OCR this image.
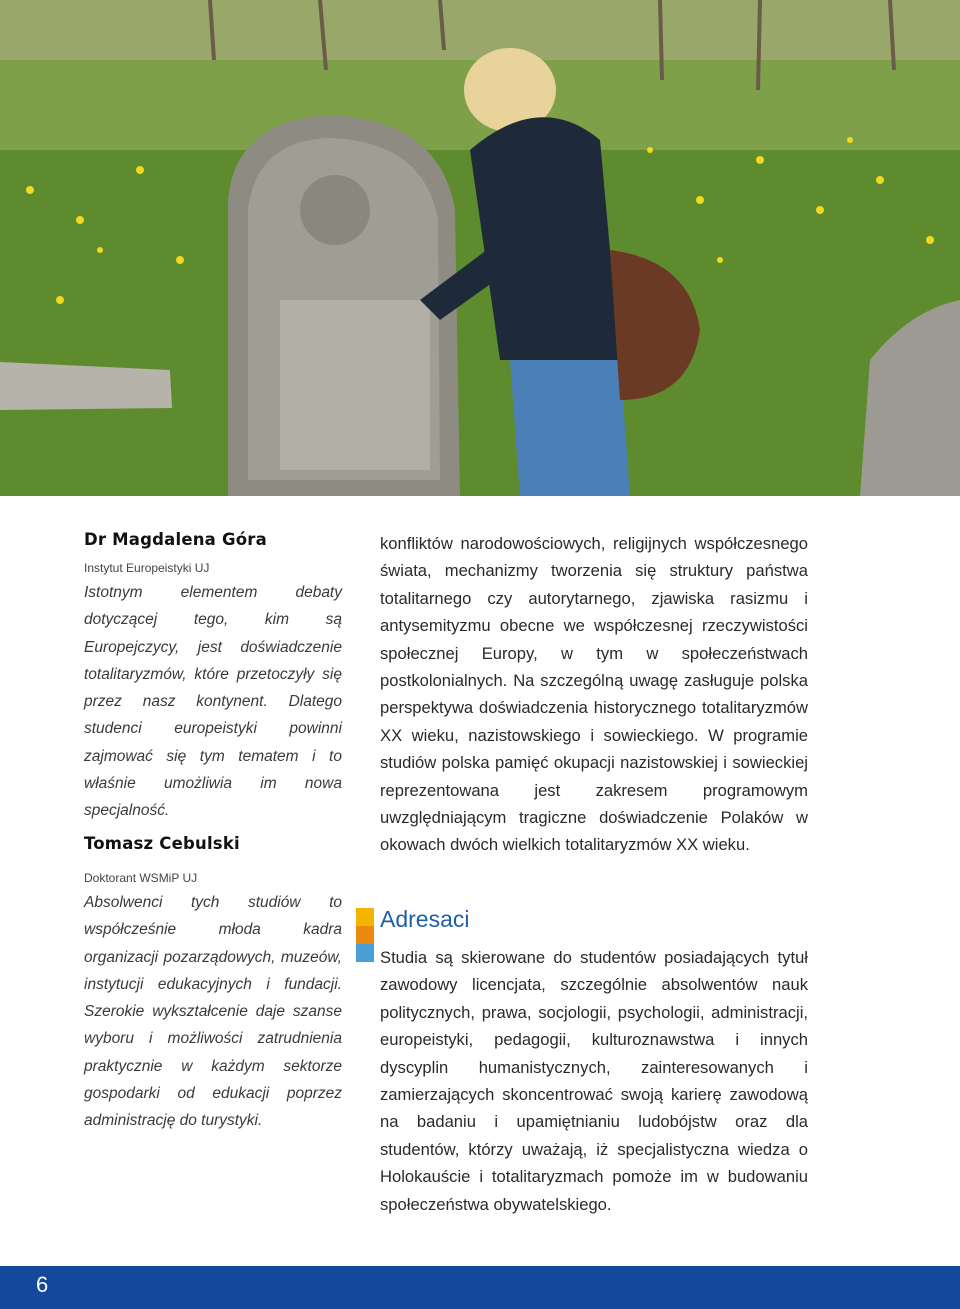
Dr Magdalena Góra
Instytut Europeistyki UJ

Istotnym elementem debaty dotyczącej tego, kim są Europejczycy, jest doświadczenie totalitaryzmów, które przetoczyły się przez nasz kontynent. Dlatego studenci europeistyki powinni zajmować się tym tematem i to właśnie umożliwia im nowa specjalność.

Tomasz Cebulski
Doktorant WSMiP UJ

Absolwenci tych studiów to współcześnie młoda kadra organizacji pozarządowych, muzeów, instytucji edukacyjnych i fundacji. Szerokie wykształcenie daje szanse wyboru i możliwości zatrudnienia praktycznie w każdym sektorze gospodarki od edukacji poprzez administrację do turystyki.

konfliktów narodowościowych, religijnych współczesnego świata, mechanizmy tworzenia się struktury państwa totalitarnego czy autorytarnego, zjawiska rasizmu i antysemityzmu obecne we współczesnej rzeczywistości społecznej Europy, w tym w społeczeństwach postkolonialnych. Na szczególną uwagę zasługuje polska perspektywa doświadczenia historycznego totalitaryzmów XX wieku, nazistowskiego i sowieckiego. W programie studiów polska pamięć okupacji nazistowskiej i sowieckiej reprezentowana jest zakresem programowym uwzględniającym tragiczne doświadczenie Polaków w okowach dwóch wielkich totalitaryzmów XX wieku.

Adresaci

Studia są skierowane do studentów posiadających tytuł zawodowy licencjata, szczególnie absolwentów nauk politycznych, prawa, socjologii, psychologii, administracji, europeistyki, pedagogii, kulturoznawstwa i innych dyscyplin humanistycznych, zainteresowanych i zamierzających skoncentrować swoją karierę zawodową na badaniu i upamiętnianiu ludobójstw oraz dla studentów, którzy uważają, iż specjalistyczna wiedza o Holokauście i totalitaryzmach pomoże im w budowaniu społeczeństwa obywatelskiego.

6
